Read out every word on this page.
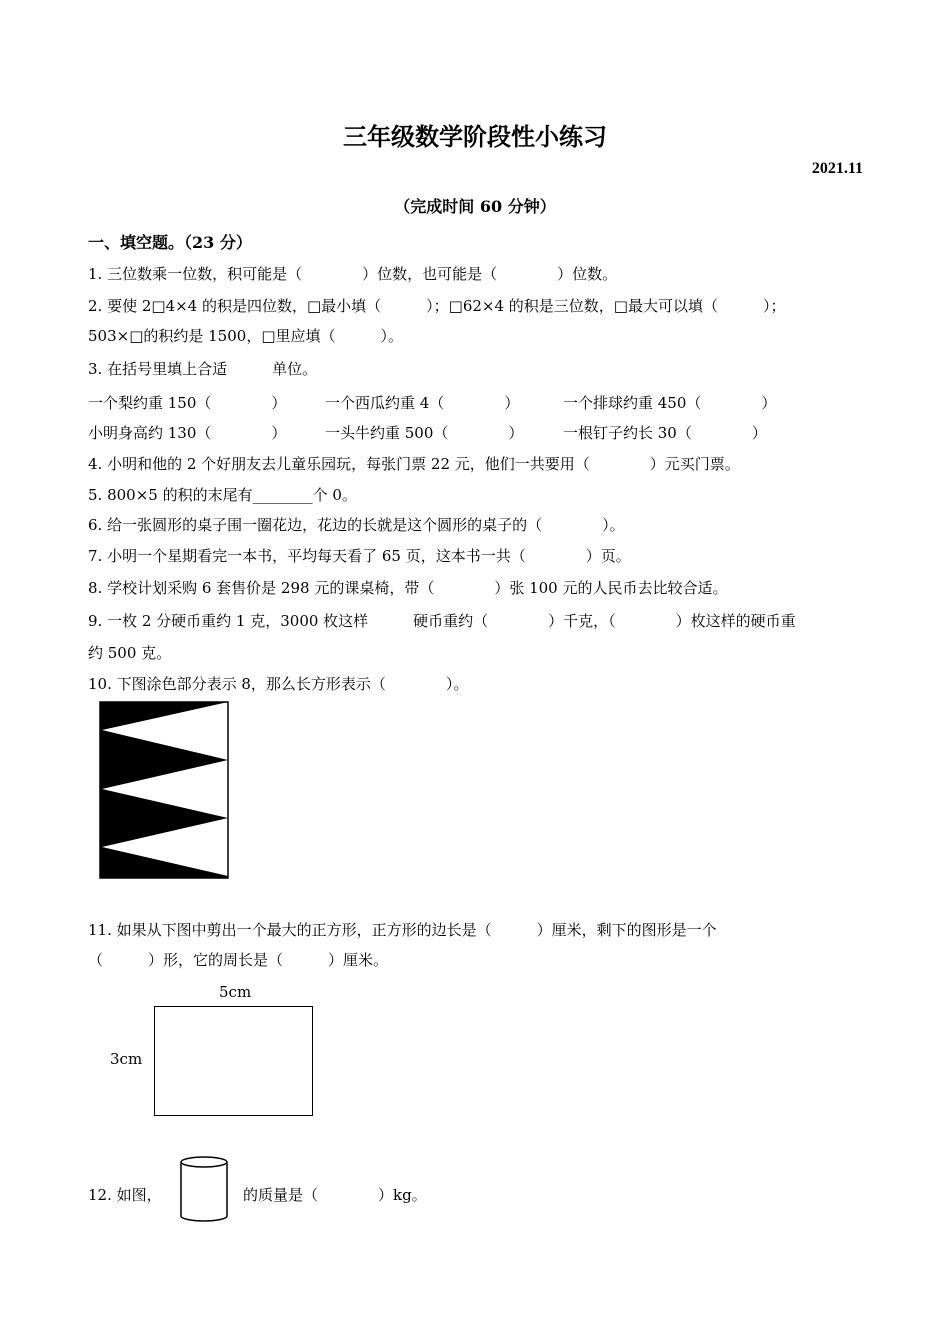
三年级数学阶段性小练习
2021.11
（完成时间 60 分钟）
一、填空题。（23 分）
1. 三位数乘一位数，积可能是（　　　　）位数，也可能是（　　　　）位数。
2. 要使 2□4×4 的积是四位数，□最小填（　　　）；□62×4 的积是三位数，□最大可以填（　　　）；
503×□的积约是 1500，□里应填（　　　）。
3. 在括号里填上合适　　　单位。
一个梨约重 150（　　　　）	一个西瓜约重 4（　　　　）	一个排球约重 450（　　　　）
小明身高约 130（　　　　）	一头牛约重 500（　　　　）	一根钉子约长 30（　　　　）
4. 小明和他的 2 个好朋友去儿童乐园玩，每张门票 22 元，他们一共要用（　　　　）元买门票。
5. 800×5 的积的末尾有________个 0。
6. 给一张圆形的桌子围一圈花边，花边的长就是这个圆形的桌子的（　　　　）。
7. 小明一个星期看完一本书，平均每天看了 65 页，这本书一共（　　　　）页。
8. 学校计划采购 6 套售价是 298 元的课桌椅，带（　　　　）张 100 元的人民币去比较合适。
9. 一枚 2 分硬币重约 1 克，3000 枚这样　　　硬币重约（　　　　）千克，（　　　　）枚这样的硬币重
约 500 克。
10. 下图涂色部分表示 8，那么长方形表示（　　　　）。
11. 如果从下图中剪出一个最大的正方形，正方形的边长是（　　　）厘米，剩下的图形是一个
（　　　）形，它的周长是（　　　）厘米。
5cm
3cm
12. 如图，	的质量是（　　　　）kg。
